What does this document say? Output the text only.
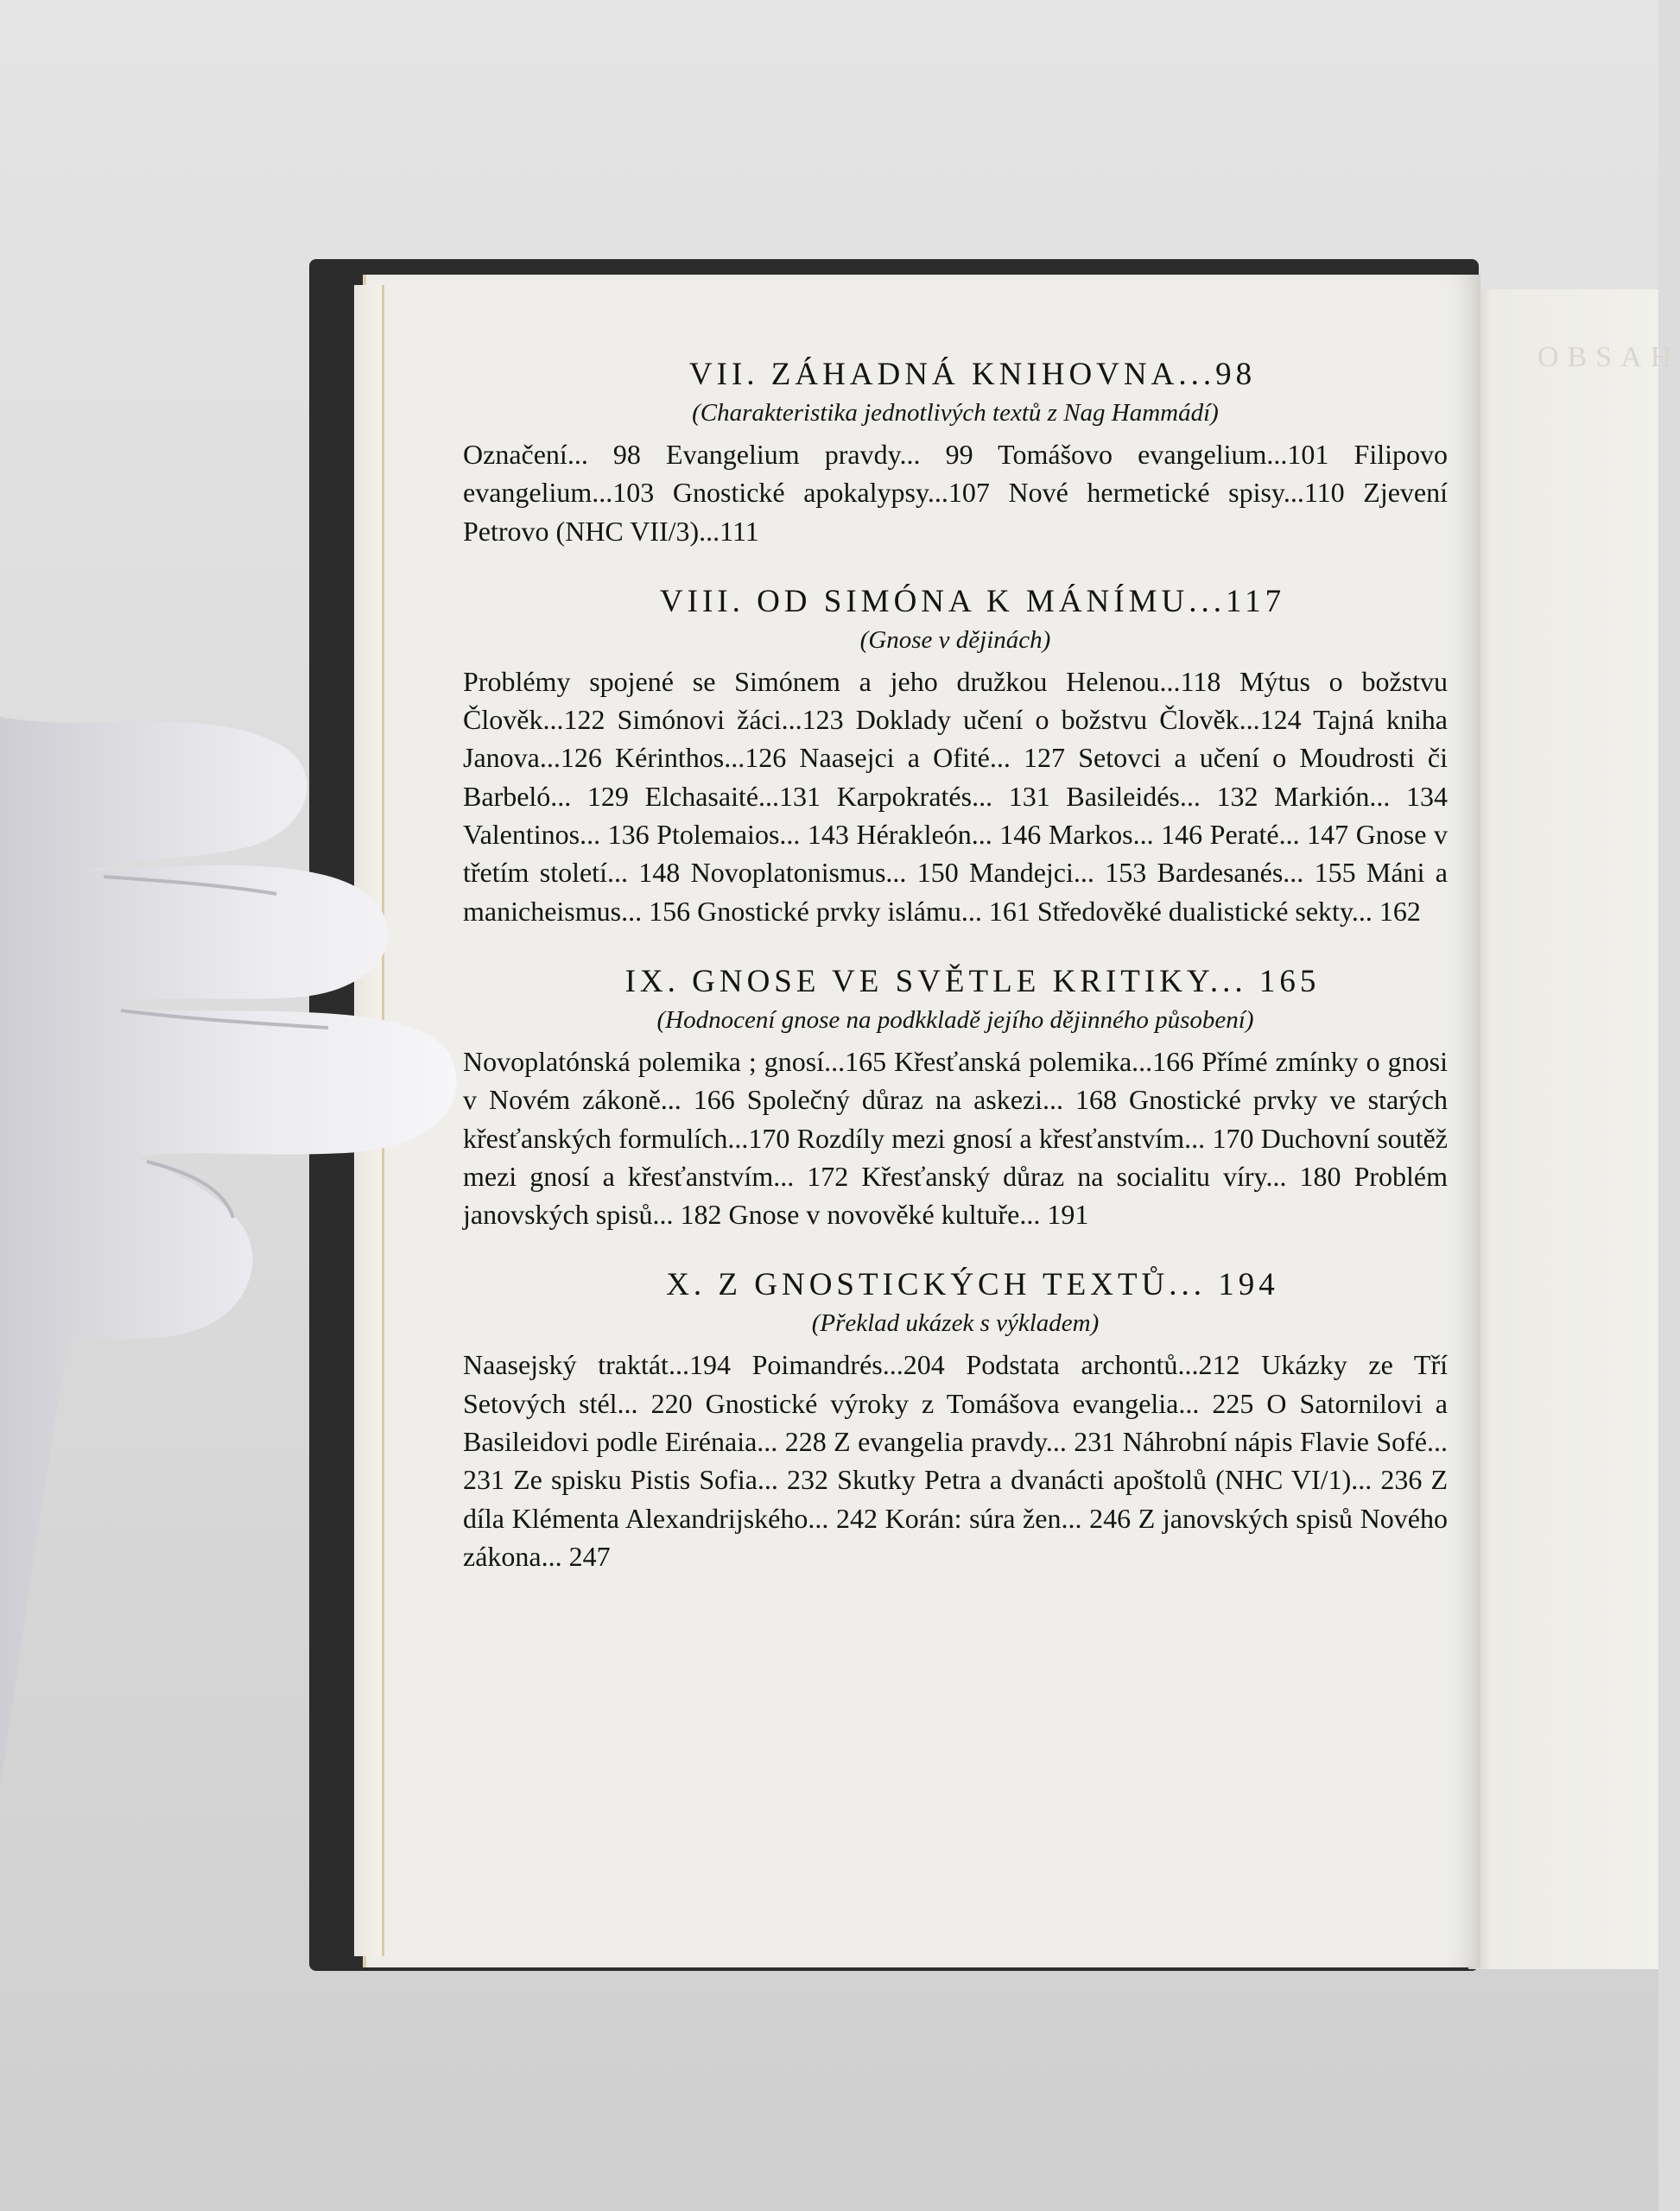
OBSAH
VII. ZÁHADNÁ KNIHOVNA...98

(Charakteristika jednotlivých textů z Nag Hammádí)

Označení... 98 Evangelium pravdy... 99 Tomášovo evangelium...101 Filipovo evangelium...103 Gnostické apokalypsy...107 Nové hermetické spisy...110 Zjevení Petrovo (NHC VII/3)...111

VIII. OD SIMÓNA K MÁNÍMU...117

(Gnose v dějinách)

Problémy spojené se Simónem a jeho družkou Helenou...118 Mýtus o božstvu Člověk...122 Simónovi žáci...123 Doklady učení o božstvu Člověk...124 Tajná kniha Janova...126 Kérinthos...126 Naasejci a Ofité... 127 Setovci a učení o Moudrosti či Barbeló... 129 Elchasaité...131 Karpokratés... 131 Basileidés... 132 Markión... 134 Valentinos... 136 Ptolemaios... 143 Hérakleón... 146 Markos... 146 Peraté... 147 Gnose v třetím století... 148 Novoplatonismus... 150 Mandejci... 153 Bardesanés... 155 Máni a manicheismus... 156 Gnostické prvky islámu... 161 Středověké dualistické sekty... 162

IX. GNOSE VE SVĚTLE KRITIKY... 165

(Hodnocení gnose na podkkladě jejího dějinného působení)

Novoplatónská polemika ; gnosí...165 Křesťanská polemika...166 Přímé zmínky o gnosi v Novém zákoně... 166 Společný důraz na askezi... 168 Gnostické prvky ve starých křesťanských formulích...170 Rozdíly mezi gnosí a křesťanstvím... 170 Duchovní soutěž mezi gnosí a křesťanstvím... 172 Křesťanský důraz na socialitu víry... 180 Problém janovských spisů... 182 Gnose v novověké kultuře... 191

X. Z GNOSTICKÝCH TEXTŮ... 194

(Překlad ukázek s výkladem)

Naasejský traktát...194 Poimandrés...204 Podstata archontů...212 Ukázky ze Tří Setových stél... 220 Gnostické výroky z Tomášova evangelia... 225 O Satornilovi a Basileidovi podle Eirénaia... 228 Z evangelia pravdy... 231 Náhrobní nápis Flavie Sofé... 231 Ze spisku Pistis Sofia... 232 Skutky Petra a dvanácti apoštolů (NHC VI/1)... 236 Z díla Klémenta Alexandrijského... 242 Korán: súra žen... 246 Z janovských spisů Nového zákona... 247
